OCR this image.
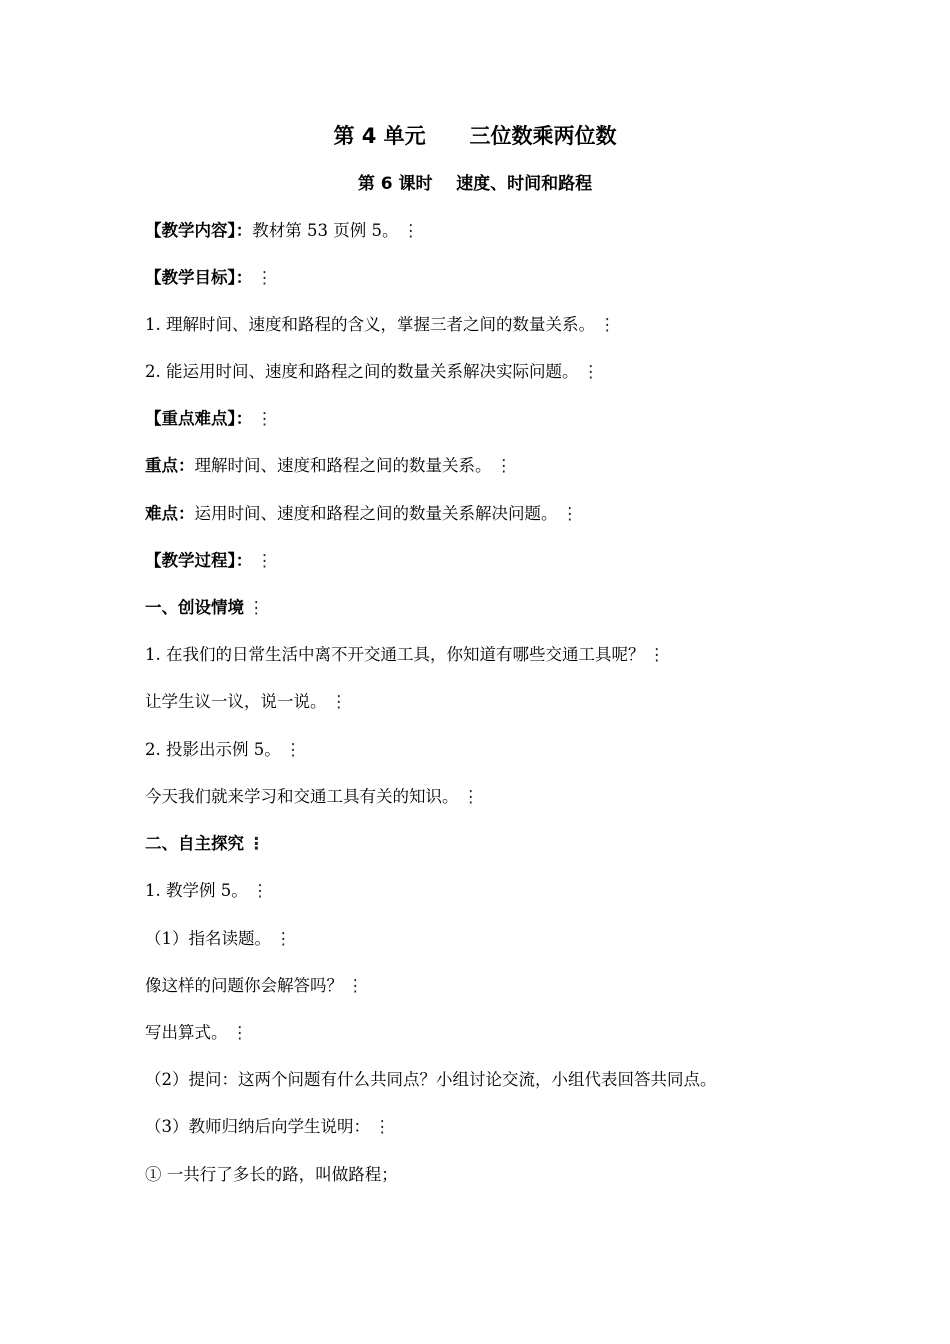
第 4 单元      三位数乘两位数
第 6 课时    速度、时间和路程
【教学内容】：教材第 53 页例 5。 ⋮
【教学目标】： ⋮
1. 理解时间、速度和路程的含义，掌握三者之间的数量关系。 ⋮
2. 能运用时间、速度和路程之间的数量关系解决实际问题。 ⋮
【重点难点】： ⋮
重点：理解时间、速度和路程之间的数量关系。 ⋮
难点：运用时间、速度和路程之间的数量关系解决问题。 ⋮
【教学过程】： ⋮
一、创设情境 ⋮
1. 在我们的日常生活中离不开交通工具，你知道有哪些交通工具呢？ ⋮
让学生议一议，说一说。 ⋮
2. 投影出示例 5。 ⋮
今天我们就来学习和交通工具有关的知识。 ⋮
二、自主探究 ⋮
1. 教学例 5。 ⋮
（1）指名读题。 ⋮
像这样的问题你会解答吗？ ⋮
写出算式。 ⋮
（2）提问：这两个问题有什么共同点？小组讨论交流，小组代表回答共同点。
（3）教师归纳后向学生说明： ⋮
① 一共行了多长的路，叫做路程；
